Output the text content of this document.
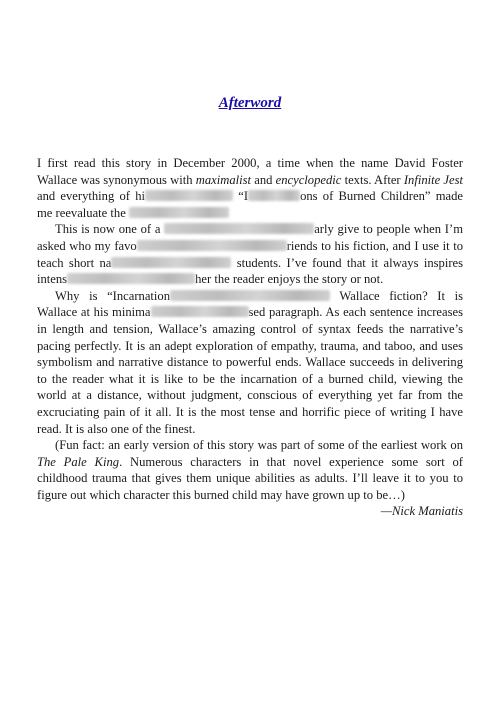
Afterword

I first read this story in December 2000, a time when the name David Foster Wallace was synonymous with maximalist and encyclopedic texts. After Infinite Jest and everything of hi	“I	ons of Burned Children” made me reevaluate the

This is now one of a	arly give to people when I’m asked who my favo	riends to his fiction, and I use it to teach short na	students. I’ve found that it always inspires intens	her the reader enjoys the story or not.

Why is “Incarnation	Wallace fiction? It is Wallace at his minima	sed paragraph. As each sentence increases in length and tension, Wallace’s amazing control of syntax feeds the narrative’s pacing perfectly. It is an adept exploration of empathy, trauma, and taboo, and uses symbolism and narrative distance to powerful ends. Wallace succeeds in delivering to the reader what it is like to be the incarnation of a burned child, viewing the world at a distance, without judgment, conscious of everything yet far from the excruciating pain of it all. It is the most tense and horrific piece of writing I have read. It is also one of the finest.

(Fun fact: an early version of this story was part of some of the earliest work on The Pale King. Numerous characters in that novel experience some sort of childhood trauma that gives them unique abilities as adults. I’ll leave it to you to figure out which character this burned child may have grown up to be…)

—Nick Maniatis
